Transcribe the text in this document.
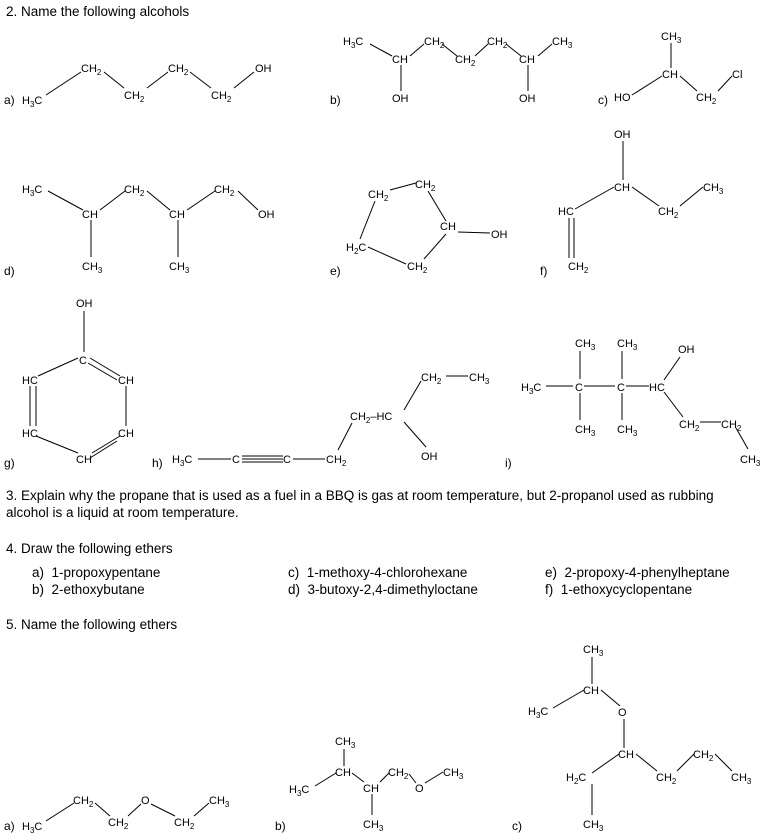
2. Name the following alcohols
3. Explain why the propane that is used as a fuel in a BBQ is gas at room temperature, but 2-propanol used as rubbing alcohol is a liquid at room temperature.
4. Draw the following ethers
a) 1-propoxypentane
b) 2-ethoxybutane
c) 1-methoxy-4-chlorohexane
d) 3-butoxy-2,4-dimethyloctane
e) 2-propoxy-4-phenylheptane
f) 1-ethoxycyclopentane
5. Name the following ethers
a)	b)	c)
d)	e)	f)
g)	h)	i)
a)	b)	c)
$H_3C$
$CH_2$
$CH_2$
$CH_2$
$CH_2$
OH
$H_3C$
CH
OH
$CH_2$
$CH_2$
$CH_2$
CH
OH
$CH_3$
HO
$CH_3$
CH
$CH_2$
Cl
$H_3C$
CH
$CH_3$
$CH_2$
CH
$CH_3$
$CH_2$
OH
$CH_2$
$CH_2$
CH
OH
$H_2C$
$CH_2$
OH
CH
HC
$CH_2$
$CH_2$
$CH_3$
OH
C
HC	CH
HC	CH
CH	$H_3C$	C	C	$CH_2$
$CH_2-HC$
$CH_2$	$CH_3$
OH
$H_3C$
$CH_3$
C
$CH_3$
$CH_3$
C
$CH_3$
HC
OH
$CH_2$ $CH_2$
$CH_3$
$H_3C$
$CH_2$
$CH_2$
O
$CH_2$
$CH_3$
$H_3C$
$CH_3$
CH
CH
$CH_3$
$CH_2$
O
$CH_3$
$CH_3$
CH
$H_3C$	O
CH
$H_2C$
$CH_3$
$CH_2$
$CH_2$
$CH_3$
